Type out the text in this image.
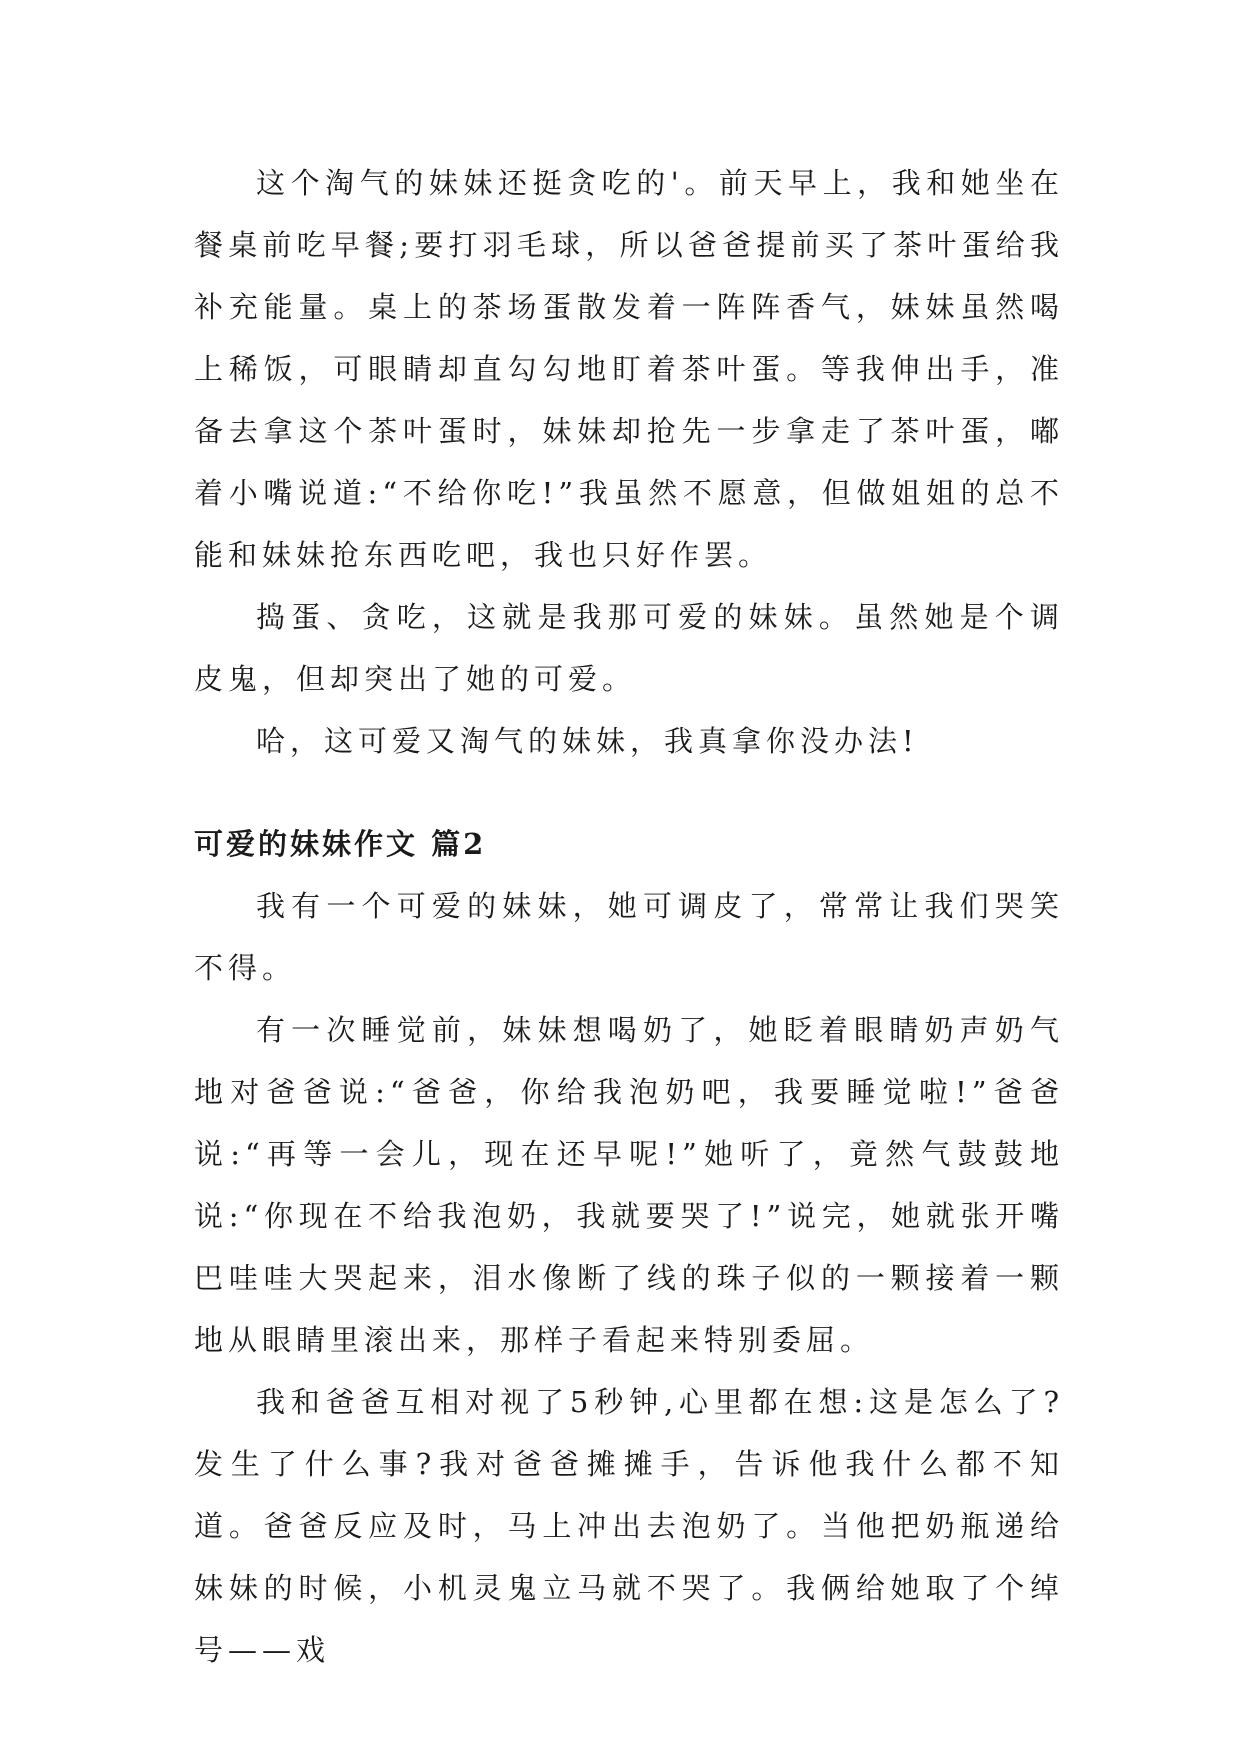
这个淘气的妹妹还挺贪吃的'。前天早上，我和她坐在餐桌前吃早餐;要打羽毛球，所以爸爸提前买了茶叶蛋给我补充能量。桌上的茶场蛋散发着一阵阵香气，妹妹虽然喝上稀饭，可眼睛却直勾勾地盯着茶叶蛋。等我伸出手，准备去拿这个茶叶蛋时，妹妹却抢先一步拿走了茶叶蛋，嘟着小嘴说道:“不给你吃!”我虽然不愿意，但做姐姐的总不能和妹妹抢东西吃吧，我也只好作罢。

捣蛋、贪吃，这就是我那可爱的妹妹。虽然她是个调皮鬼，但却突出了她的可爱。

哈，这可爱又淘气的妹妹，我真拿你没办法!

可爱的妹妹作文 篇2

我有一个可爱的妹妹，她可调皮了，常常让我们哭笑不得。

有一次睡觉前，妹妹想喝奶了，她眨着眼睛奶声奶气地对爸爸说:“爸爸，你给我泡奶吧，我要睡觉啦!”爸爸说:“再等一会儿，现在还早呢!”她听了，竟然气鼓鼓地说:“你现在不给我泡奶，我就要哭了!”说完，她就张开嘴巴哇哇大哭起来，泪水像断了线的珠子似的一颗接着一颗地从眼睛里滚出来，那样子看起来特别委屈。

我和爸爸互相对视了5秒钟,心里都在想:这是怎么了?发生了什么事?我对爸爸摊摊手，告诉他我什么都不知道。爸爸反应及时，马上冲出去泡奶了。当他把奶瓶递给妹妹的时候，小机灵鬼立马就不哭了。我俩给她取了个绰号——戏
